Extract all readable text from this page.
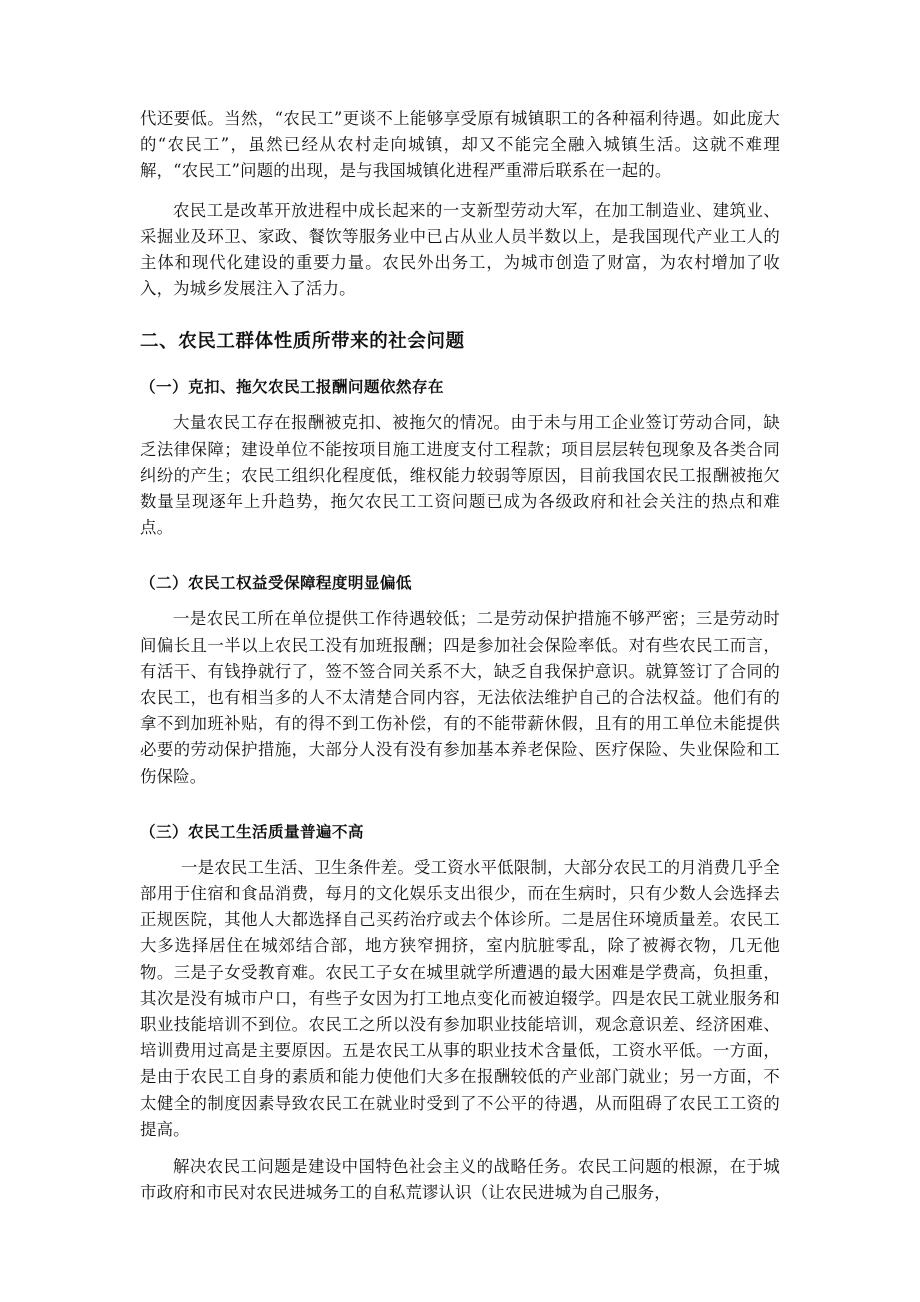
代还要低。当然，“农民工”更谈不上能够享受原有城镇职工的各种福利待遇。如此庞大的“农民工”，虽然已经从农村走向城镇，却又不能完全融入城镇生活。这就不难理解，“农民工”问题的出现，是与我国城镇化进程严重滞后联系在一起的。

农民工是改革开放进程中成长起来的一支新型劳动大军，在加工制造业、建筑业、采掘业及环卫、家政、餐饮等服务业中已占从业人员半数以上，是我国现代产业工人的主体和现代化建设的重要力量。农民外出务工，为城市创造了财富，为农村增加了收入，为城乡发展注入了活力。

二、农民工群体性质所带来的社会问题
（一）克扣、拖欠农民工报酬问题依然存在

大量农民工存在报酬被克扣、被拖欠的情况。由于未与用工企业签订劳动合同，缺乏法律保障；建设单位不能按项目施工进度支付工程款；项目层层转包现象及各类合同纠纷的产生；农民工组织化程度低，维权能力较弱等原因，目前我国农民工报酬被拖欠数量呈现逐年上升趋势，拖欠农民工工资问题已成为各级政府和社会关注的热点和难点。

（二）农民工权益受保障程度明显偏低

一是农民工所在单位提供工作待遇较低；二是劳动保护措施不够严密；三是劳动时间偏长且一半以上农民工没有加班报酬；四是参加社会保险率低。对有些农民工而言，有活干、有钱挣就行了，签不签合同关系不大，缺乏自我保护意识。就算签订了合同的农民工，也有相当多的人不太清楚合同内容，无法依法维护自己的合法权益。他们有的拿不到加班补贴，有的得不到工伤补偿，有的不能带薪休假，且有的用工单位未能提供必要的劳动保护措施，大部分人没有没有参加基本养老保险、医疗保险、失业保险和工伤保险。

（三）农民工生活质量普遍不高

一是农民工生活、卫生条件差。受工资水平低限制，大部分农民工的月消费几乎全部用于住宿和食品消费，每月的文化娱乐支出很少，而在生病时，只有少数人会选择去正规医院，其他人大都选择自己买药治疗或去个体诊所。二是居住环境质量差。农民工大多选择居住在城郊结合部，地方狭窄拥挤，室内肮脏零乱，除了被褥衣物，几无他物。三是子女受教育难。农民工子女在城里就学所遭遇的最大困难是学费高，负担重，其次是没有城市户口，有些子女因为打工地点变化而被迫辍学。四是农民工就业服务和职业技能培训不到位。农民工之所以没有参加职业技能培训，观念意识差、经济困难、培训费用过高是主要原因。五是农民工从事的职业技术含量低，工资水平低。一方面，是由于农民工自身的素质和能力使他们大多在报酬较低的产业部门就业；另一方面，不太健全的制度因素导致农民工在就业时受到了不公平的待遇，从而阻碍了农民工工资的提高。

解决农民工问题是建设中国特色社会主义的战略任务。农民工问题的根源，在于城市政府和市民对农民进城务工的自私荒谬认识（让农民进城为自己服务，
